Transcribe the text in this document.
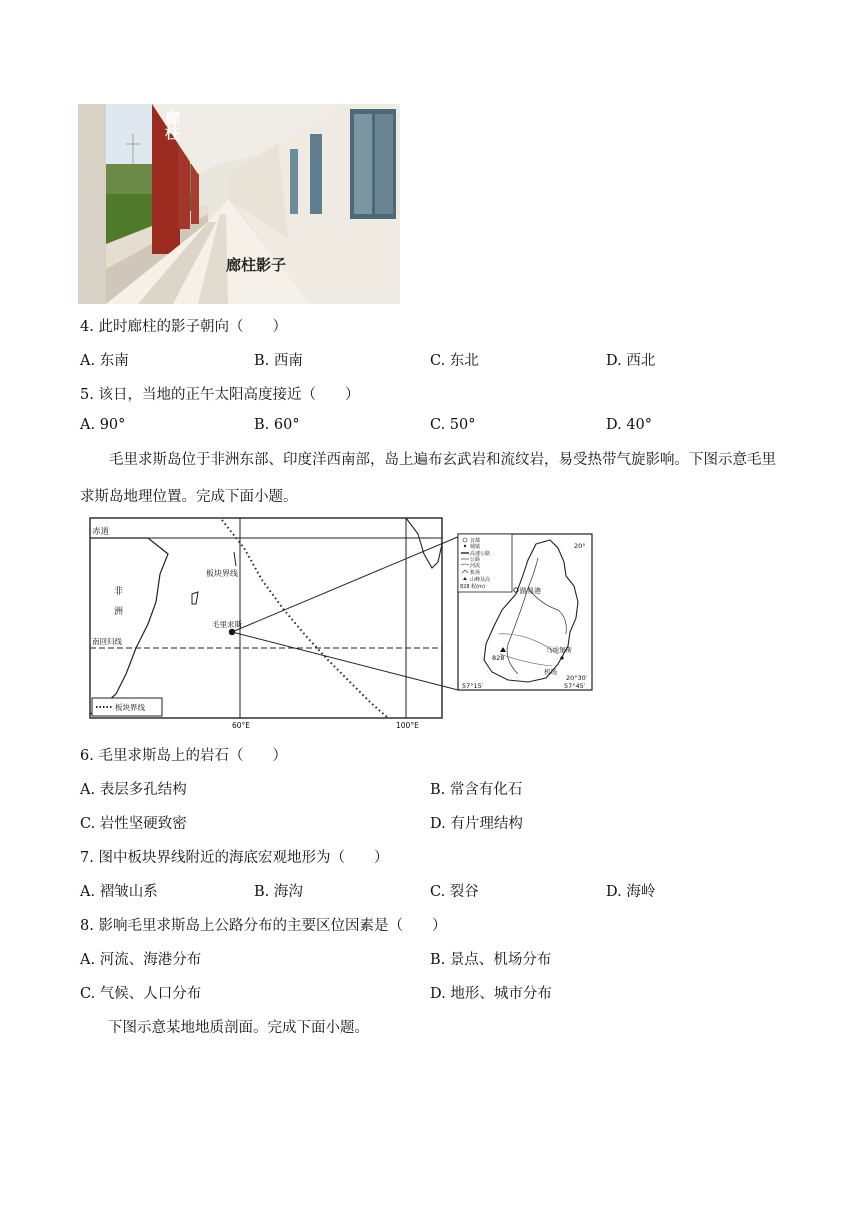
廊柱
廊柱影子
4. 此时廊柱的影子朝向（　　）
A. 东南	B. 西南	C. 东北	D. 西北
5. 该日，当地的正午太阳高度接近（　　）
A. 90°	B. 60°	C. 50°	D. 40°
毛里求斯岛位于非洲东部、印度洋西南部，岛上遍布玄武岩和流纹岩，易受热带气旋影响。下图示意毛里求斯岛地理位置。完成下面小题。
赤道
非
洲
板块界线
毛里求斯
南回归线
60°E	100°E
板块界线
首都
城镇
高速公路
公路
河流
机场
山峰及高
828 程(m)	路易港
828
马埃堡斯
机场
20°
20°30′
57°15′	57°45′
6. 毛里求斯岛上的岩石（　　）
A. 表层多孔结构	B. 常含有化石
C. 岩性坚硬致密	D. 有片理结构
7. 图中板块界线附近的海底宏观地形为（　　）
A. 褶皱山系	B. 海沟	C. 裂谷	D. 海岭
8. 影响毛里求斯岛上公路分布的主要区位因素是（　　）
A. 河流、海港分布	B. 景点、机场分布
C. 气候、人口分布	D. 地形、城市分布
下图示意某地地质剖面。完成下面小题。
